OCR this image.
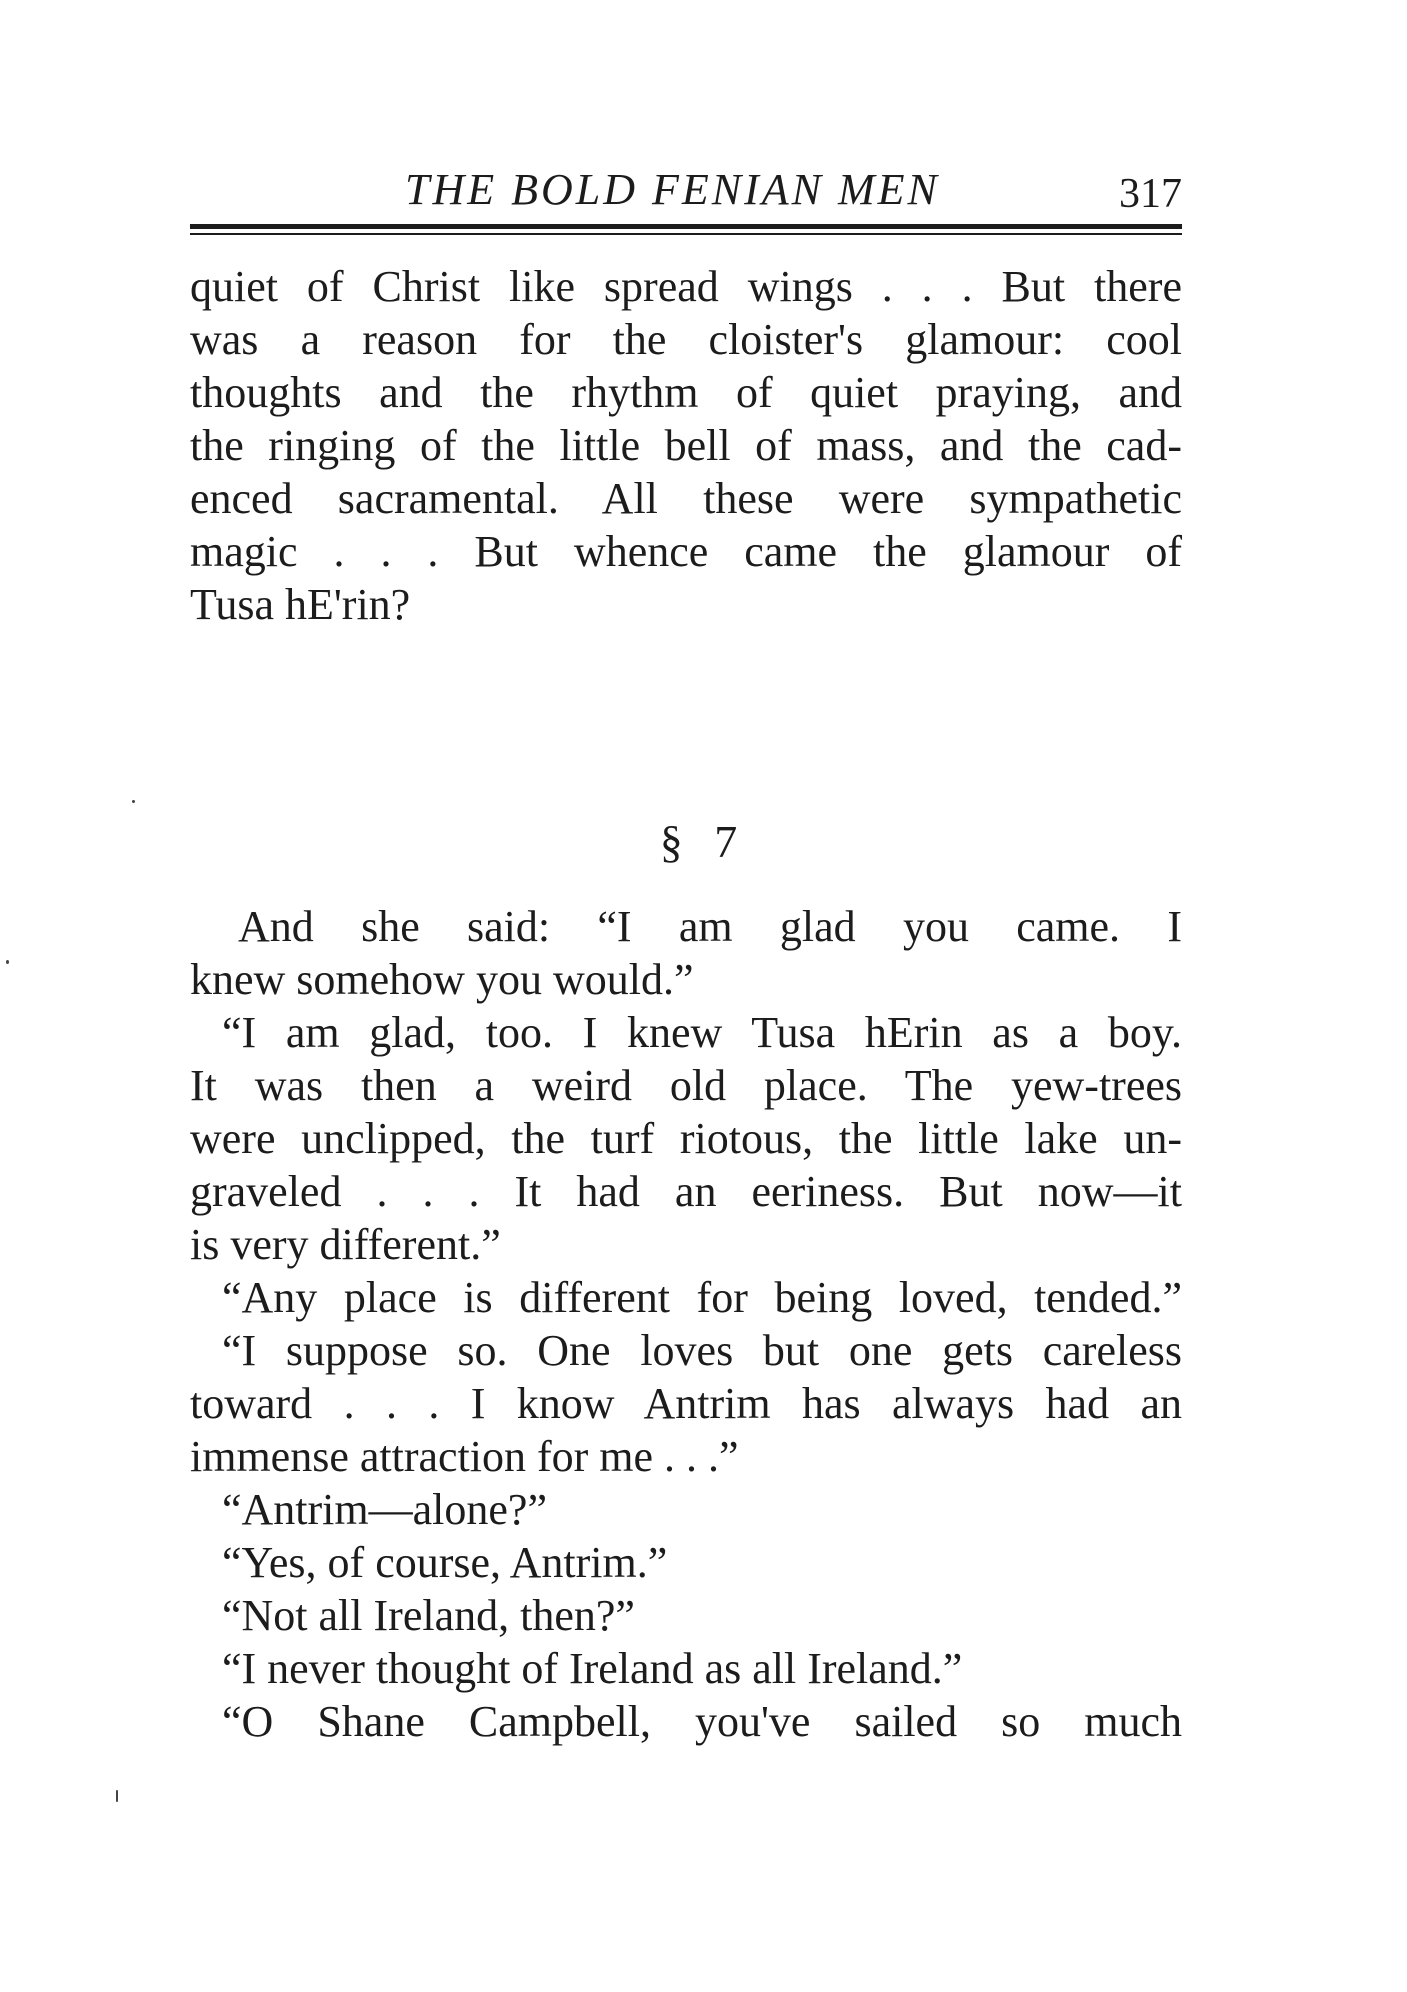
THE BOLD FENIAN MEN	317
quiet of Christ like spread wings . . . But there
was a reason for the cloister's glamour: cool
thoughts and the rhythm of quiet praying, and
the ringing of the little bell of mass, and the cad-
enced sacramental. All these were sympathetic
magic . . . But whence came the glamour of
Tusa hE'rin?
§ 7
And she said: “I am glad you came. I
knew somehow you would.”
“I am glad, too. I knew Tusa hErin as a boy.
It was then a weird old place. The yew-trees
were unclipped, the turf riotous, the little lake un-
graveled . . . It had an eeriness. But now—it
is very different.”
“Any place is different for being loved, tended.”
“I suppose so. One loves but one gets careless
toward . . . I know Antrim has always had an
immense attraction for me . . .”
“Antrim—alone?”
“Yes, of course, Antrim.”
“Not all Ireland, then?”
“I never thought of Ireland as all Ireland.”
“O Shane Campbell, you've sailed so much
